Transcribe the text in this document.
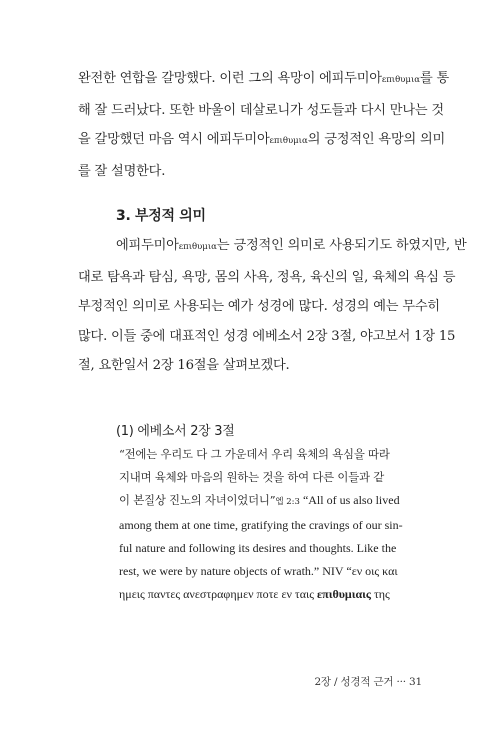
완전한 연합을 갈망했다. 이런 그의 욕망이 에피두미아επιθυμια를 통
해 잘 드러났다. 또한 바울이 데살로니가 성도들과 다시 만나는 것
을 갈망했던 마음 역시 에피두미아επιθυμια의 긍정적인 욕망의 의미
를 잘 설명한다.
3. 부정적 의미
에피두미아επιθυμια는 긍정적인 의미로 사용되기도 하였지만, 반
대로 탐욕과 탐심, 욕망, 몸의 사욕, 정욕, 육신의 일, 육체의 욕심 등
부정적인 의미로 사용되는 예가 성경에 많다. 성경의 예는 무수히
많다. 이들 중에 대표적인 성경 에베소서 2장 3절, 야고보서 1장 15
절, 요한일서 2장 16절을 살펴보겠다.
(1) 에베소서 2장 3절
“전에는 우리도 다 그 가운데서 우리 육체의 욕심을 따라
지내며 육체와 마음의 원하는 것을 하여 다른 이들과 같
이 본질상 진노의 자녀이었더니”엡 2:3 “All of us also lived
among them at one time, gratifying the cravings of our sin-
ful nature and following its desires and thoughts. Like the
rest, we were by nature objects of wrath.” NIV “εν οις και
ημεις παντες ανεστραφημεν ποτε εν ταις επιθυμιαις της
2장 / 성경적 근거 ··· 31
